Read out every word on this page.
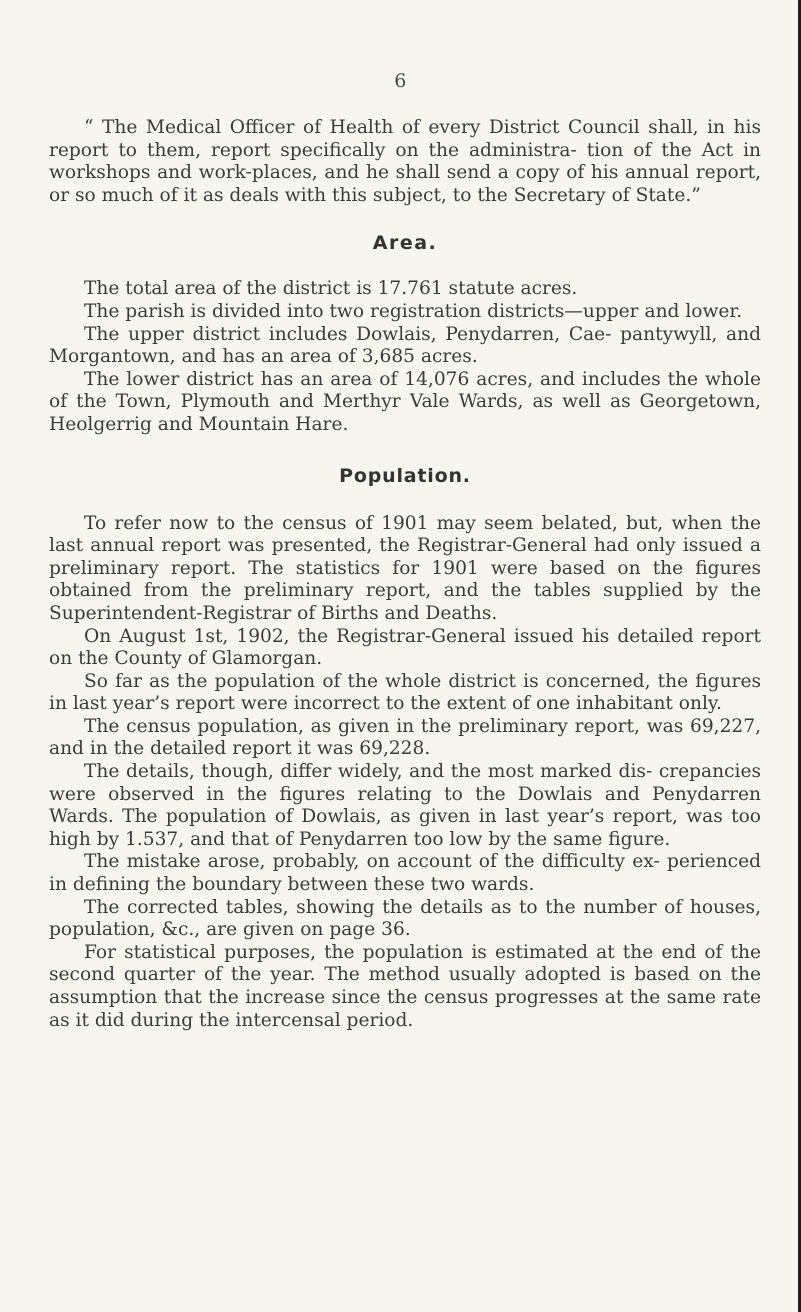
6

“ The Medical Officer of Health of every District Council shall, in his report to them, report specifically on the administra- tion of the Act in workshops and work-places, and he shall send a copy of his annual report, or so much of it as deals with this subject, to the Secretary of State.”

Area.

The total area of the district is 17.761 statute acres.

The parish is divided into two registration districts—upper and lower.

The upper district includes Dowlais, Penydarren, Cae- pantywyll, and Morgantown, and has an area of 3,685 acres.

The lower district has an area of 14,076 acres, and includes the whole of the Town, Plymouth and Merthyr Vale Wards, as well as Georgetown, Heolgerrig and Mountain Hare.

Population.

To refer now to the census of 1901 may seem belated, but, when the last annual report was presented, the Registrar-General had only issued a preliminary report. The statistics for 1901 were based on the figures obtained from the preliminary report, and the tables supplied by the Superintendent-Registrar of Births and Deaths.

On August 1st, 1902, the Registrar-General issued his detailed report on the County of Glamorgan.

So far as the population of the whole district is concerned, the figures in last year’s report were incorrect to the extent of one inhabitant only.

The census population, as given in the preliminary report, was 69,227, and in the detailed report it was 69,228.

The details, though, differ widely, and the most marked dis- crepancies were observed in the figures relating to the Dowlais and Penydarren Wards. The population of Dowlais, as given in last year’s report, was too high by 1.537, and that of Penydarren too low by the same figure.

The mistake arose, probably, on account of the difficulty ex- perienced in defining the boundary between these two wards.

The corrected tables, showing the details as to the number of houses, population, &c., are given on page 36.

For statistical purposes, the population is estimated at the end of the second quarter of the year. The method usually adopted is based on the assumption that the increase since the census progresses at the same rate as it did during the intercensal period.
